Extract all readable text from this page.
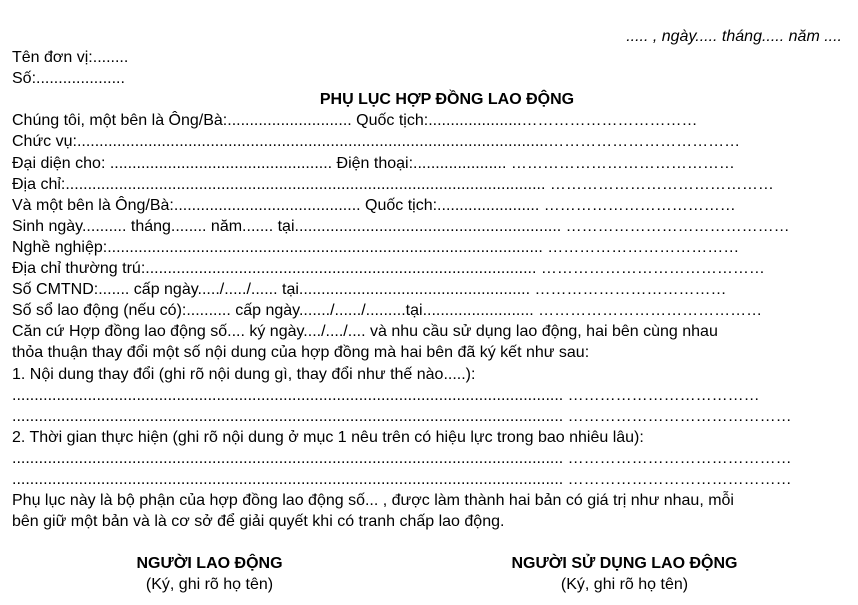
..... , ngày..... tháng..... năm ....
Tên đơn vị:........
Số:....................
PHỤ LỤC HỢP ĐỒNG LAO ĐỘNG
Chúng tôi, một bên là Ông/Bà:............................ Quốc tịch:.....................……………………………
Chức vụ:..........................................................................................................………………………………
Đại diện cho: .................................................. Điện thoại:..................... ……………………………………
Địa chỉ:............................................................................................................ ……………………………………
Và một bên là Ông/Bà:.......................................... Quốc tịch:....................... ………………………………
Sinh ngày.......... tháng........ năm....... tại............................................................ ……………………………………
Nghề nghiệp:.................................................................................................. ………………………………
Địa chỉ thường trú:........................................................................................ ……………………………………
Số CMTND:....... cấp ngày...../...../...... tại.................................................... ………………………………
Số sổ lao động (nếu có):.......... cấp ngày......./....../.........tại......................... ……………………………………
Căn cứ Hợp đồng lao động số.... ký ngày..../..../.... và nhu cầu sử dụng lao động, hai bên cùng nhau
thỏa thuận thay đổi một số nội dung của hợp đồng mà hai bên đã ký kết như sau:
1. Nội dung thay đổi (ghi rõ nội dung gì, thay đổi như thế nào.....):
............................................................................................................................ ………………………………
............................................................................................................................ ……………………………………
2. Thời gian thực hiện (ghi rõ nội dung ở mục 1 nêu trên có hiệu lực trong bao nhiêu lâu):
............................................................................................................................ ……………………………………
............................................................................................................................ ……………………………………
Phụ lục này là bộ phận của hợp đồng lao động số... , được làm thành hai bản có giá trị như nhau, mỗi
bên giữ một bản và là cơ sở để giải quyết khi có tranh chấp lao động.
NGƯỜI LAO ĐỘNG
(Ký, ghi rõ họ tên)
NGƯỜI SỬ DỤNG LAO ĐỘNG
(Ký, ghi rõ họ tên)
